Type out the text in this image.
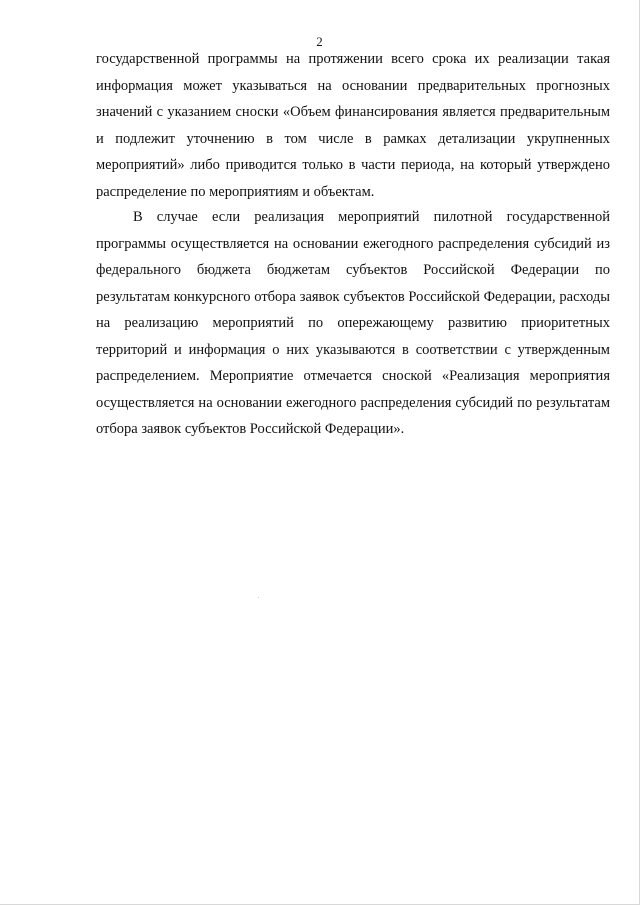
2

государственной программы на протяжении всего срока их реализации такая информация может указываться на основании предварительных прогнозных значений с указанием сноски «Объем финансирования является предварительным и подлежит уточнению в том числе в рамках детализации укрупненных мероприятий» либо приводится только в части периода, на который утверждено распределение по мероприятиям и объектам.

В случае если реализация мероприятий пилотной государственной программы осуществляется на основании ежегодного распределения субсидий из федерального бюджета бюджетам субъектов Российской Федерации по результатам конкурсного отбора заявок субъектов Российской Федерации, расходы на реализацию мероприятий по опережающему развитию приоритетных территорий и информация о них указываются в соответствии с утвержденным распределением. Мероприятие отмечается сноской «Реализация мероприятия осуществляется на основании ежегодного распределения субсидий по результатам отбора заявок субъектов Российской Федерации».
